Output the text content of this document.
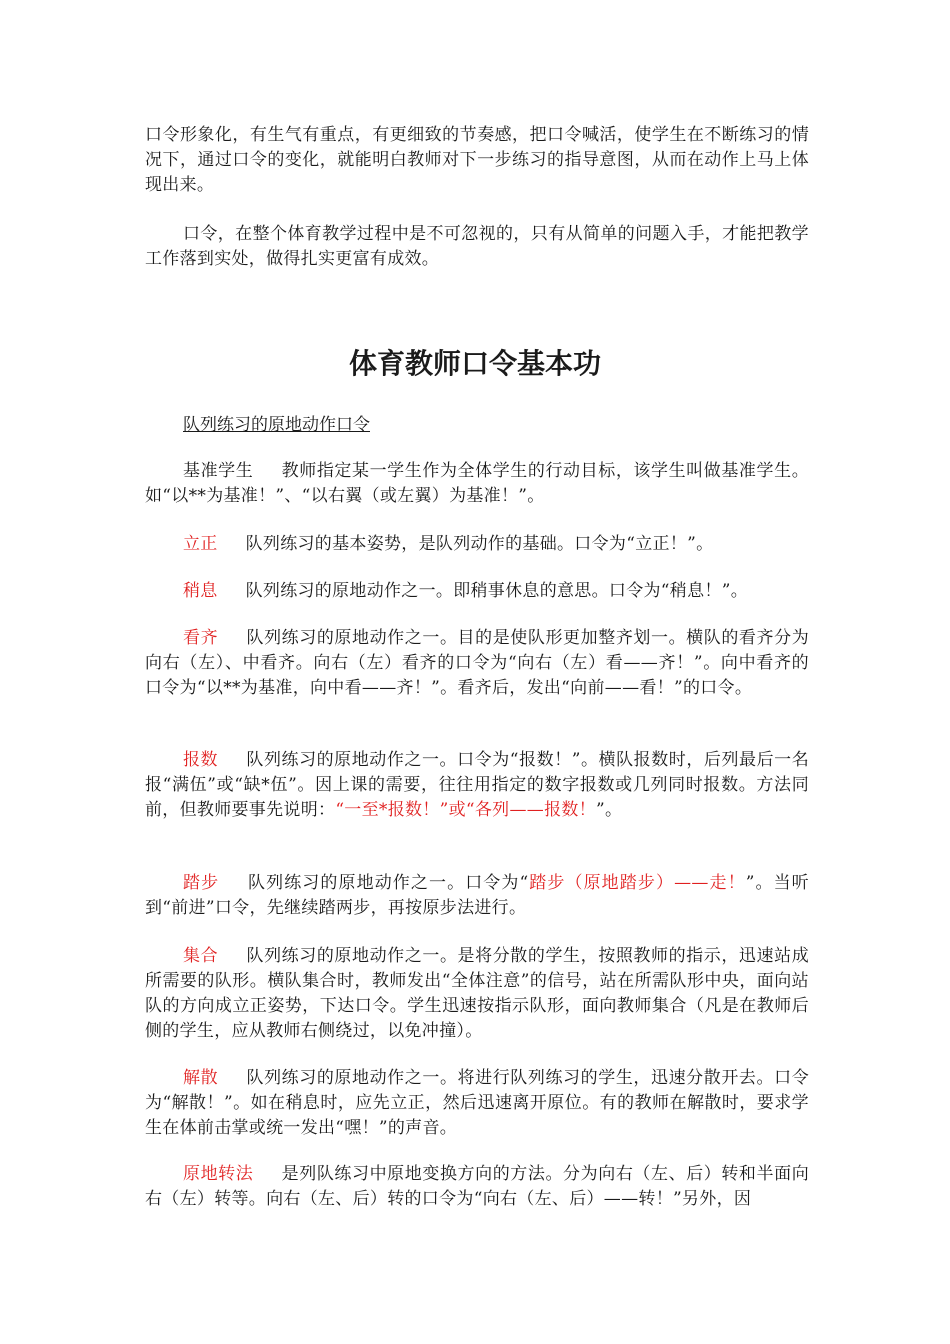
口令形象化，有生气有重点，有更细致的节奏感，把口令喊活，使学生在不断练习的情况下，通过口令的变化，就能明白教师对下一步练习的指导意图，从而在动作上马上体现出来。

口令，在整个体育教学过程中是不可忽视的，只有从简单的问题入手，才能把教学工作落到实处，做得扎实更富有成效。

体育教师口令基本功

队列练习的原地动作口令

基准学生 教师指定某一学生作为全体学生的行动目标，该学生叫做基准学生。如“以**为基准！”、“以右翼（或左翼）为基准！”。

立正 队列练习的基本姿势，是队列动作的基础。口令为“立正！”。

稍息 队列练习的原地动作之一。即稍事休息的意思。口令为“稍息！”。

看齐 队列练习的原地动作之一。目的是使队形更加整齐划一。横队的看齐分为向右（左）、中看齐。向右（左）看齐的口令为“向右（左）看——齐！”。向中看齐的口令为“以**为基准，向中看——齐！”。看齐后，发出“向前——看！”的口令。

报数 队列练习的原地动作之一。口令为“报数！”。横队报数时，后列最后一名报“满伍”或“缺*伍”。因上课的需要，往往用指定的数字报数或几列同时报数。方法同前，但教师要事先说明：“一至*报数！”或“各列——报数！”。

踏步 队列练习的原地动作之一。口令为“踏步（原地踏步）——走！”。当听到“前进”口令，先继续踏两步，再按原步法进行。

集合 队列练习的原地动作之一。是将分散的学生，按照教师的指示，迅速站成所需要的队形。横队集合时，教师发出“全体注意”的信号，站在所需队形中央，面向站队的方向成立正姿势，下达口令。学生迅速按指示队形，面向教师集合（凡是在教师后侧的学生，应从教师右侧绕过，以免冲撞）。

解散 队列练习的原地动作之一。将进行队列练习的学生，迅速分散开去。口令为“解散！”。如在稍息时，应先立正，然后迅速离开原位。有的教师在解散时，要求学生在体前击掌或统一发出“嘿！”的声音。

原地转法 是列队练习中原地变换方向的方法。分为向右（左、后）转和半面向右（左）转等。向右（左、后）转的口令为“向右（左、后）——转！”另外，因
